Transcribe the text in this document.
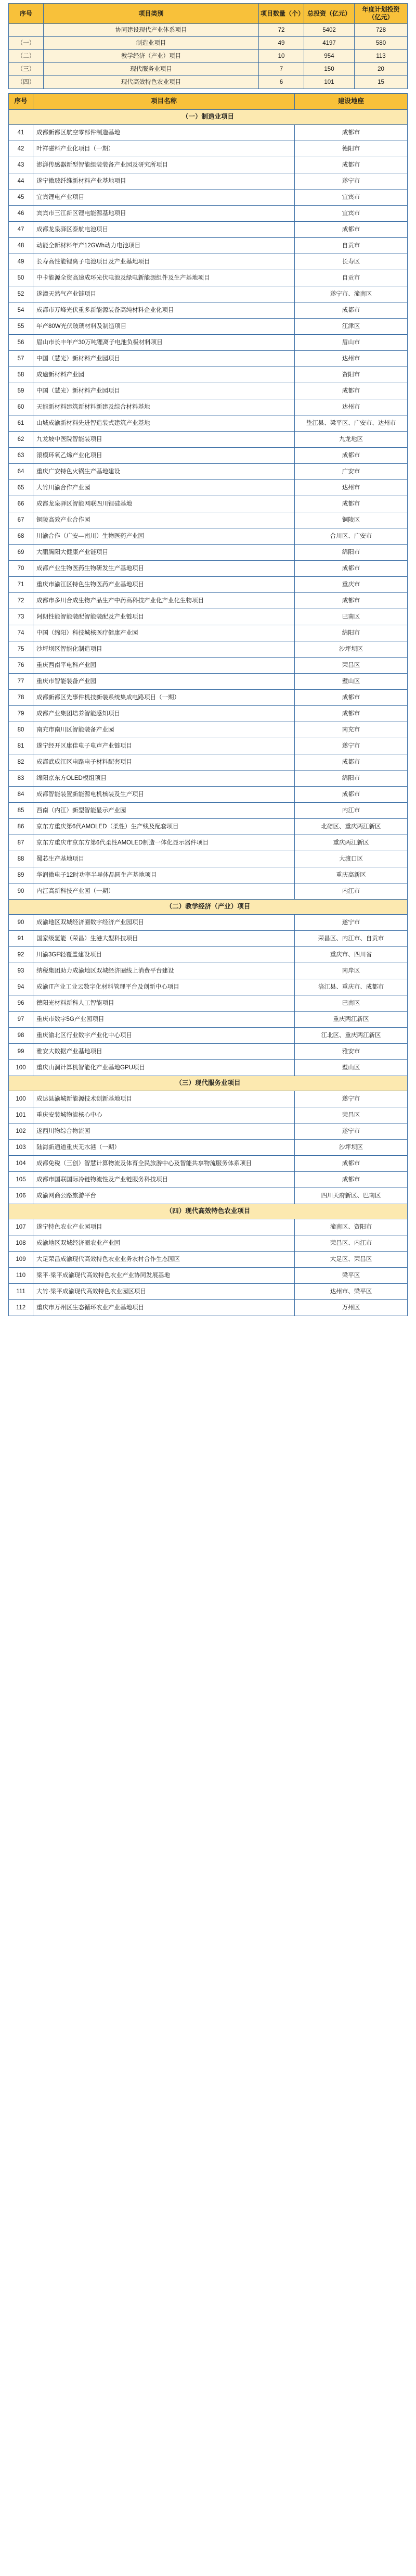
序号	项目类别	项目数量（个）	总投资（亿元）	年度计划投资（亿元）
	协同建设现代产业体系项目	72	5402	728
（一）	制造业项目	49	4197	580
（二）	教学经济（产业）项目	10	954	113
（三）	现代服务业项目	7	150	20
（四）	现代高效特色农业项目	6	101	15
序号	项目名称	建设地座
（一）制造业项目		
41	成都新都区航空零部件制造基地	成都市
42	叶祥磁料产业化项目（一期）	德阳市
43	澎湃传感器新型智能组装装备产业园及研究所项目	成都市
44	遂宁微玻纤维新材料产业基地项目	遂宁市
45	宜宾锂电产业项目	宜宾市
46	宾宾市三江新区锂电能源基地项目	宜宾市
47	成都龙泉驿区泰航电池项目	成都市
48	动能全新材料年产12GWh动力电池项目	自贡市
49	长寿高性能锂离子电池项目及产业基地项目	长寿区
50	中卡能源全资高速成环光伏电池及绿电新能源组件及生产基地项目	自贡市
52	遂潼天然气产业链项目	遂宁市、潼南区
54	成都市万峰光伏重多新能源装备高纯材料企业化项目	成都市
55	年产80W光伏玻璃材料及制造项目	江津区
56	眉山市长丰年产30万吨锂离子电池负极材料项目	眉山市
57	中国（慧光）新材料产业园项目	达州市
58	成逾新材料产业园	资阳市
59	中国（慧光）新材料产业园项目	成都市
60	天能新材料建筑新材料新建及综合材料基地	达州市
61	山城成渝新材料先进智造装式建筑产业基地	垫江县、梁平区、广安市、达州市
62	九龙坡中医院智能装项目	九龙地区
63	滚模环氧乙烯产业化项目	成都市
64	重庆广安特色火锅生产基地建设	广安市
65	大竹川渝合作产业园	达州市
66	成都龙泉驿区智能网联四川锂硅基地	成都市
67	铜陵高效产业合作园	铜陵区
68	川渝合作（广安—南川）生物医药产业园	合川区、广安市
69	大鹏腾阳大健康产业链项目	绵阳市
70	成都产业生物医药生物研发生产基地项目	成都市
71	重庆市渝江区特色生物医药产业基地项目	重庆市
72	成都市多川合成生物产品生产中药高科技产业化产业化生物项目	成都市
73	阿朗性能智能装配智能装配及产业链项目	巴南区
74	中国（绵阳）科技城核医疗健康产业园	绵阳市
75	沙坪坝区智能化制造项目	沙坪坝区
76	重庆西南平电科产业园	荣昌区
77	重庆市智能装备产业园	璧山区
78	成都新都区先事件机技新装系统集成电路项目（一期）	成都市
79	成都产业集团培养智能感知项目	成都市
80	南充市南川区智能装备产业园	南充市
81	遂宁经开区康佳电子电声产业链项目	遂宁市
82	成都武成江区电路电子材料配套项目	成都市
83	绵阳京东方OLED模组项目	绵阳市
84	成都智能装置新能源电机核装及生产项目	成都市
85	西南（内江）新型智能显示产业园	内江市
86	京东方重庆第6代AMOLED（柔性）生产线及配套项目	北碚区、重庆两江新区
87	京东方重庆市京东方第6代柔性AMOLED制造一体化显示器件项目	重庆两江新区
88	蜀芯生产基地项目	大渡口区
89	华润微电子12时功率半导体晶圆生产基地项目	重庆高新区
90	内江高新科技产业园（一期）	内江市
（二）教学经济（产业）项目		
90	成渝地区双城经济圈数字经济产业园项目	遂宁市
91	国家级氢能（荣昌）生港大型科技项目	荣昌区、内江市、自贡市
92	川渝3GF轻覆盖建设项目	重庆市、四川省
93	纳税集团助力成渝地区双城经济圈线上消费平台建设	南岸区
94	成渝IT产业工业云数字化材料管理平台及创新中心项目	涪江县、重庆市、成都市
96	德阳光材料新科人工智能项目	巴南区
97	重庆市数字5G产业园项目	重庆两江新区
98	重庆渝北区行业数字产业化中心项目	江北区、重庆两江新区
99	雅安大数据产业基地项目	雅安市
100	重庆山洞计算机智能化产业基地GPU项目	璧山区
（三）现代服务业项目		
100	成达县渝城新能源技术创新基地项目	遂宁市
101	重庆安装城物流核心中心	荣昌区
102	遂西川物综合物流园	遂宁市
103	陆海新通道重庆无水港（一期）	沙坪坝区
104	成都免税（三创）智慧计算物流及体育全民旅游中心及智能共享物流服务体系项目	成都市
105	成都市国联国际冷链物流性及产业链服务科技项目	成都市
106	成渝网商公路旅游平台	四川天府新区、巴南区
（四）现代高效特色农业项目		
107	遂宁特色农业产业园项目	潼南区、资阳市
108	成渝地区双城经济圈农业产业园	荣昌区、内江市
109	大足荣昌成渝现代高效特色农业业务农村合作生态园区	大足区、荣昌区
110	梁平·梁平成渝现代高效特色农业产业协同发展基地	梁平区
111	大竹·梁平成渝现代高效特色农业园区项目	达州市、梁平区
112	重庆市万州区生态循环农业产业基地项目	万州区
